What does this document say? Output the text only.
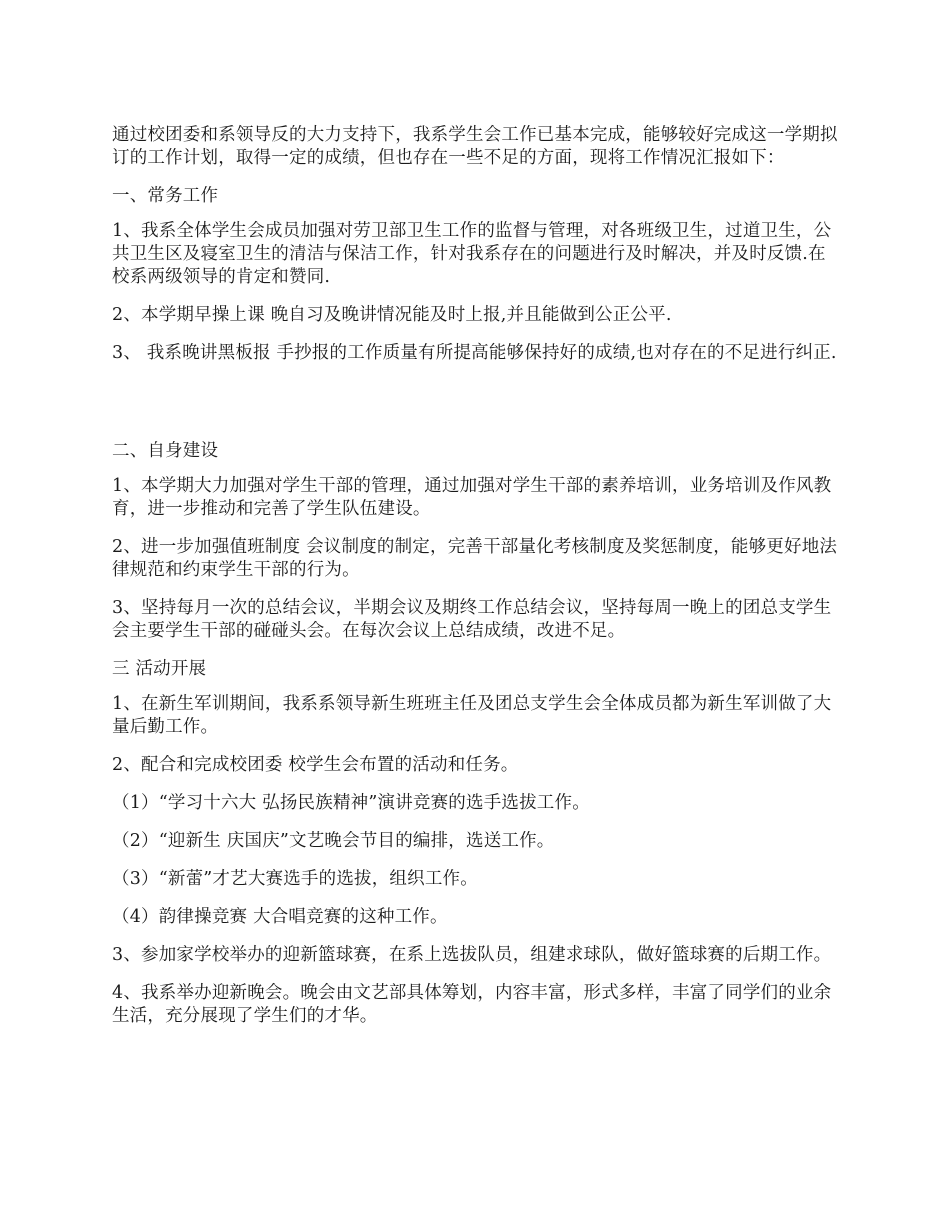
通过校团委和系领导反的大力支持下，我系学生会工作已基本完成，能够较好完成这一学期拟订的工作计划，取得一定的成绩，但也存在一些不足的方面，现将工作情况汇报如下：

一、常务工作

1、我系全体学生会成员加强对劳卫部卫生工作的监督与管理，对各班级卫生，过道卫生，公共卫生区及寝室卫生的清洁与保洁工作，针对我系存在的问题进行及时解决，并及时反馈.在校系两级领导的肯定和赞同.

2、本学期早操上课 晚自习及晚讲情况能及时上报,并且能做到公正公平.

3、 我系晚讲黑板报 手抄报的工作质量有所提高能够保持好的成绩,也对存在的不足进行纠正.

二、自身建设

1、本学期大力加强对学生干部的管理，通过加强对学生干部的素养培训，业务培训及作风教育，进一步推动和完善了学生队伍建设。

2、进一步加强值班制度 会议制度的制定，完善干部量化考核制度及奖惩制度，能够更好地法律规范和约束学生干部的行为。

3、坚持每月一次的总结会议，半期会议及期终工作总结会议，坚持每周一晚上的团总支学生会主要学生干部的碰碰头会。在每次会议上总结成绩，改进不足。

三 活动开展

1、在新生军训期间，我系系领导新生班班主任及团总支学生会全体成员都为新生军训做了大量后勤工作。

2、配合和完成校团委 校学生会布置的活动和任务。

（1）“学习十六大 弘扬民族精神”演讲竞赛的选手选拔工作。

（2）“迎新生 庆国庆”文艺晚会节目的编排，选送工作。

（3）“新蕾”才艺大赛选手的选拔，组织工作。

（4）韵律操竞赛 大合唱竞赛的这种工作。

3、参加家学校举办的迎新篮球赛，在系上选拔队员，组建求球队，做好篮球赛的后期工作。

4、我系举办迎新晚会。晚会由文艺部具体筹划，内容丰富，形式多样，丰富了同学们的业余生活，充分展现了学生们的才华。
